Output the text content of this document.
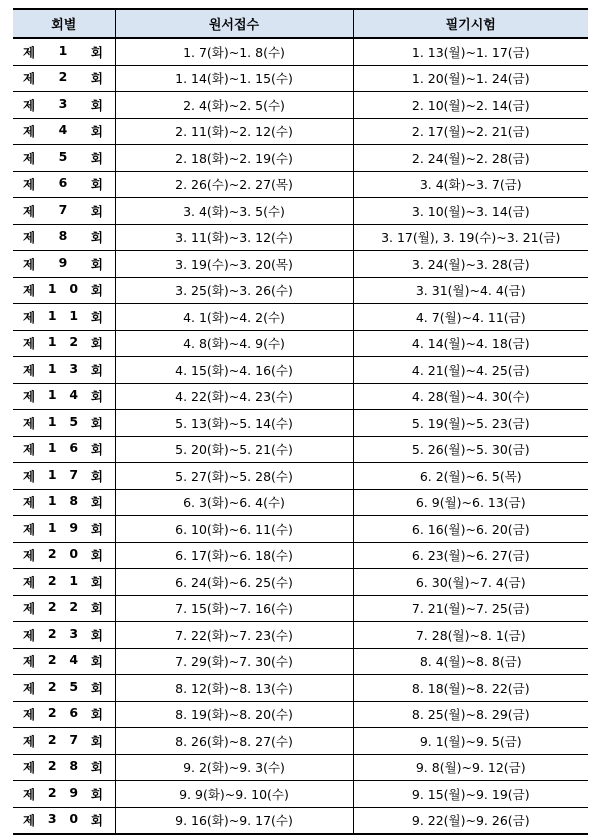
회별	원서접수	필기시험

제 1 회	1. 7(화)~1. 8(수)	1. 13(월)~1. 17(금)

제 2 회	1. 14(화)~1. 15(수)	1. 20(월)~1. 24(금)

제 3 회	2. 4(화)~2. 5(수)	2. 10(월)~2. 14(금)

제 4 회	2. 11(화)~2. 12(수)	2. 17(월)~2. 21(금)

제 5 회	2. 18(화)~2. 19(수)	2. 24(월)~2. 28(금)

제 6 회	2. 26(수)~2. 27(목)	3. 4(화)~3. 7(금)

제 7 회	3. 4(화)~3. 5(수)	3. 10(월)~3. 14(금)

제 8 회	3. 11(화)~3. 12(수)	3. 17(월), 3. 19(수)~3. 21(금)

제 9 회	3. 19(수)~3. 20(목)	3. 24(월)~3. 28(금)

제 1 0 회	3. 25(화)~3. 26(수)	3. 31(월)~4. 4(금)

제 1 1 회	4. 1(화)~4. 2(수)	4. 7(월)~4. 11(금)

제 1 2 회	4. 8(화)~4. 9(수)	4. 14(월)~4. 18(금)

제 1 3 회	4. 15(화)~4. 16(수)	4. 21(월)~4. 25(금)

제 1 4 회	4. 22(화)~4. 23(수)	4. 28(월)~4. 30(수)

제 1 5 회	5. 13(화)~5. 14(수)	5. 19(월)~5. 23(금)

제 1 6 회	5. 20(화)~5. 21(수)	5. 26(월)~5. 30(금)

제 1 7 회	5. 27(화)~5. 28(수)	6. 2(월)~6. 5(목)

제 1 8 회	6. 3(화)~6. 4(수)	6. 9(월)~6. 13(금)

제 1 9 회	6. 10(화)~6. 11(수)	6. 16(월)~6. 20(금)

제 2 0 회	6. 17(화)~6. 18(수)	6. 23(월)~6. 27(금)

제 2 1 회	6. 24(화)~6. 25(수)	6. 30(월)~7. 4(금)

제 2 2 회	7. 15(화)~7. 16(수)	7. 21(월)~7. 25(금)

제 2 3 회	7. 22(화)~7. 23(수)	7. 28(월)~8. 1(금)

제 2 4 회	7. 29(화)~7. 30(수)	8. 4(월)~8. 8(금)

제 2 5 회	8. 12(화)~8. 13(수)	8. 18(월)~8. 22(금)

제 2 6 회	8. 19(화)~8. 20(수)	8. 25(월)~8. 29(금)

제 2 7 회	8. 26(화)~8. 27(수)	9. 1(월)~9. 5(금)

제 2 8 회	9. 2(화)~9. 3(수)	9. 8(월)~9. 12(금)

제 2 9 회	9. 9(화)~9. 10(수)	9. 15(월)~9. 19(금)

제 3 0 회	9. 16(화)~9. 17(수)	9. 22(월)~9. 26(금)
